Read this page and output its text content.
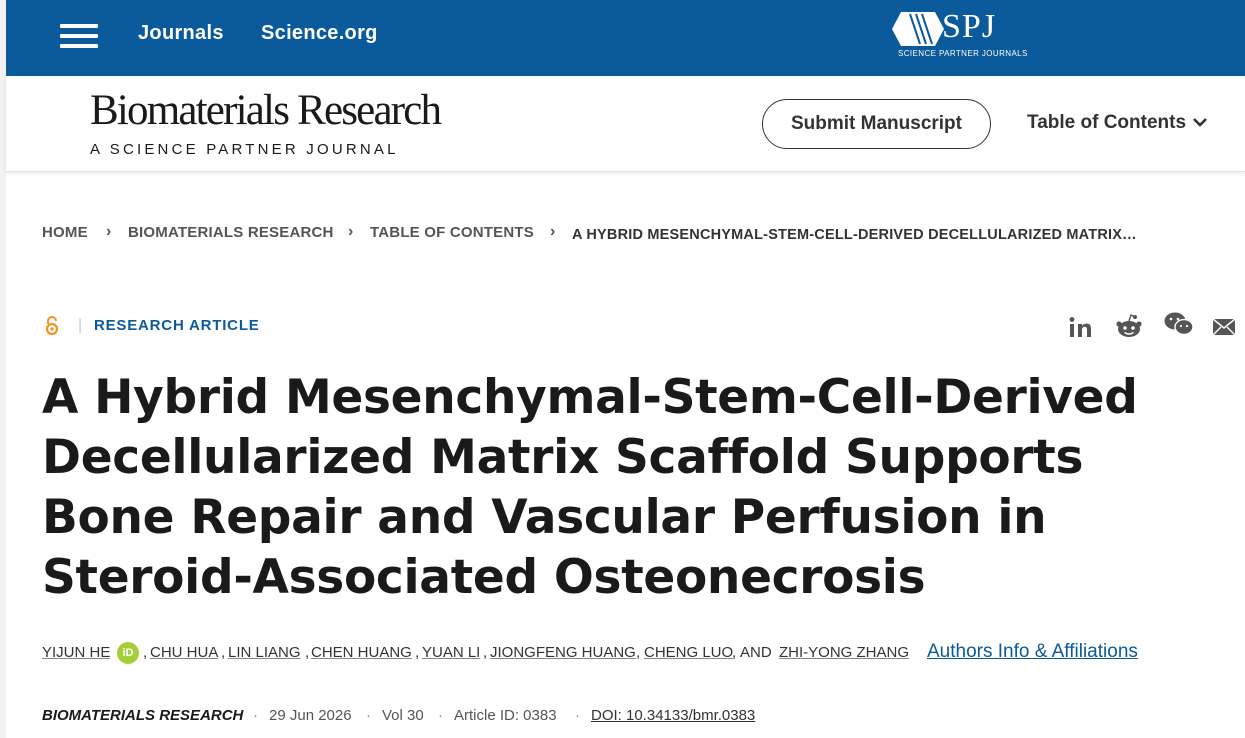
Journals Science.org	SPJ
SCIENCE PARTNER JOURNALS
Biomaterials Research
A SCIENCE PARTNER JOURNAL
Submit Manuscript	Table of Contents
HOME › BIOMATERIALS RESEARCH › TABLE OF CONTENTS › A HYBRID MESENCHYMAL-STEM-CELL-DERIVED DECELLULARIZED MATRIX…
| RESEARCH ARTICLE
A Hybrid Mesenchymal-Stem-Cell-Derived Decellularized Matrix Scaffold Supports Bone Repair and Vascular Perfusion in Steroid-Associated Osteonecrosis
YIJUN HE	iD , CHU HUA , LIN LIANG , CHEN HUANG , YUAN LI , JIONGFENG HUANG , CHENG LUO
, AND ZHI-YONG ZHANG Authors Info & Affiliations
BIOMATERIALS RESEARCH · 29 Jun 2026 · Vol 30 · Article ID: 0383 · DOI: 10.34133/bmr.0383
